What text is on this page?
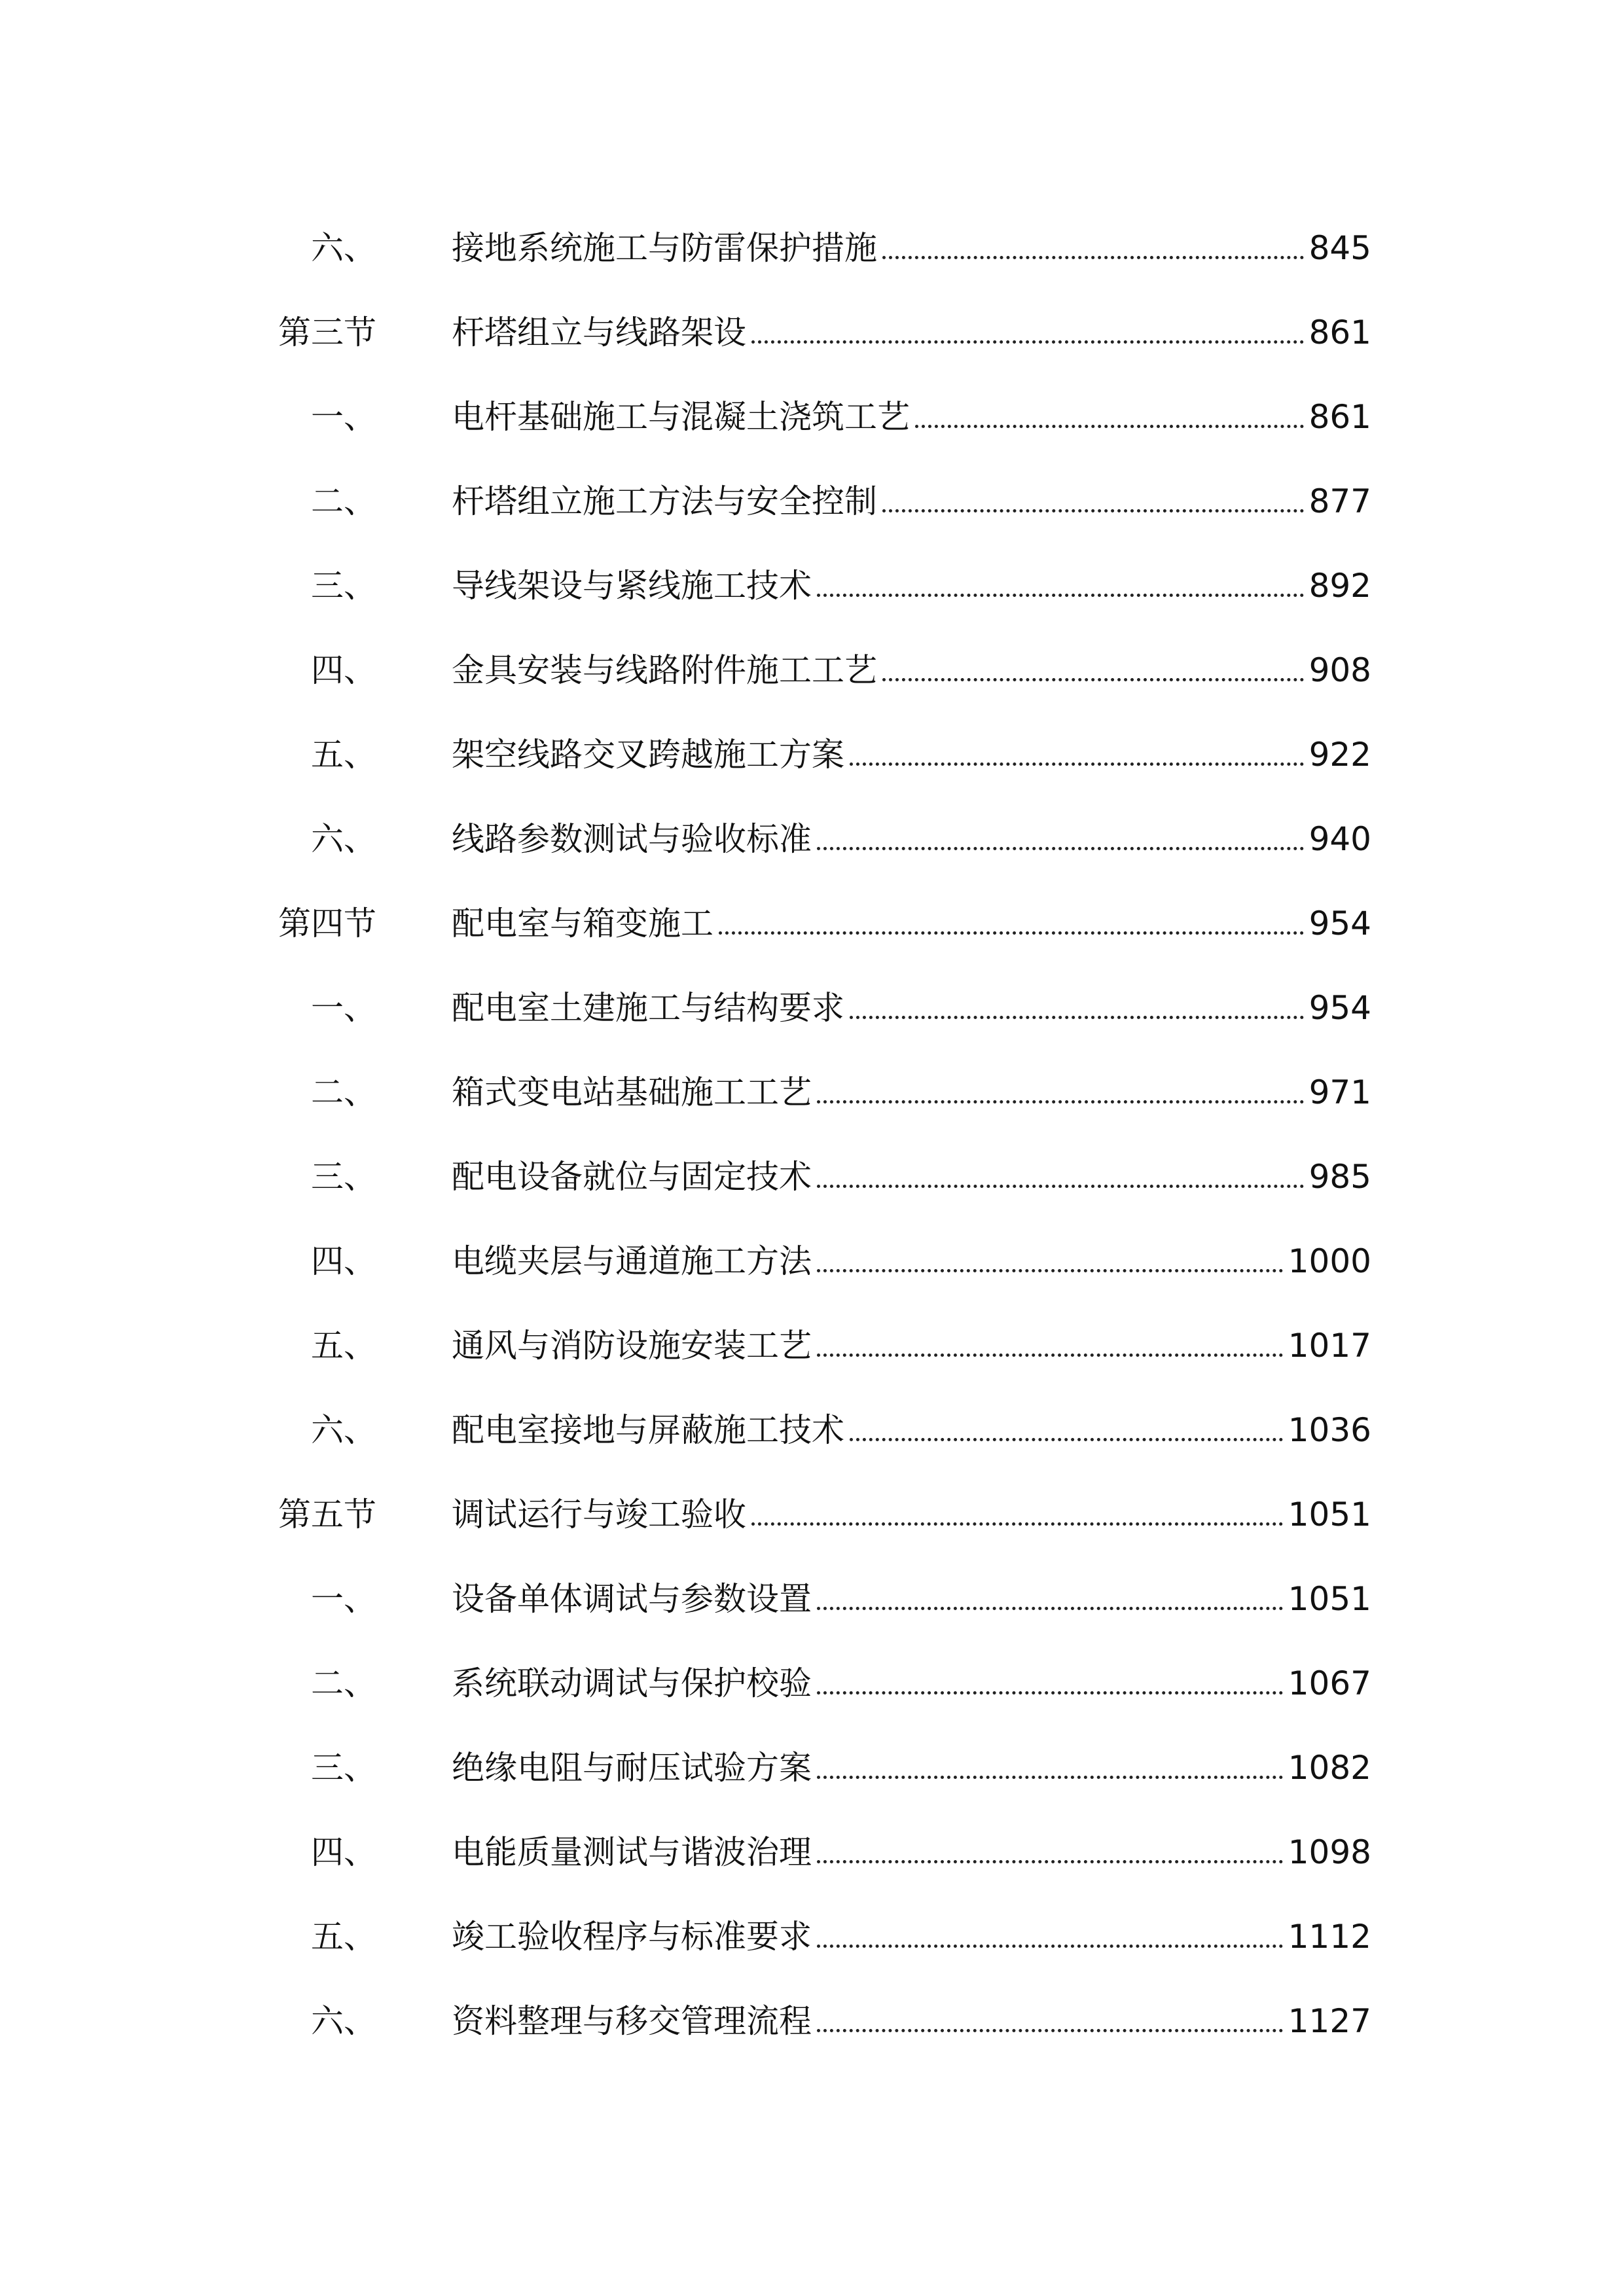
六、	接地系统施工与防雷保护措施	845
第三节	杆塔组立与线路架设	861
一、	电杆基础施工与混凝土浇筑工艺	861
二、	杆塔组立施工方法与安全控制	877
三、	导线架设与紧线施工技术	892
四、	金具安装与线路附件施工工艺	908
五、	架空线路交叉跨越施工方案	922
六、	线路参数测试与验收标准	940
第四节	配电室与箱变施工	954
一、	配电室土建施工与结构要求	954
二、	箱式变电站基础施工工艺	971
三、	配电设备就位与固定技术	985
四、	电缆夹层与通道施工方法	1000
五、	通风与消防设施安装工艺	1017
六、	配电室接地与屏蔽施工技术	1036
第五节	调试运行与竣工验收	1051
一、	设备单体调试与参数设置	1051
二、	系统联动调试与保护校验	1067
三、	绝缘电阻与耐压试验方案	1082
四、	电能质量测试与谐波治理	1098
五、	竣工验收程序与标准要求	1112
六、	资料整理与移交管理流程	1127
